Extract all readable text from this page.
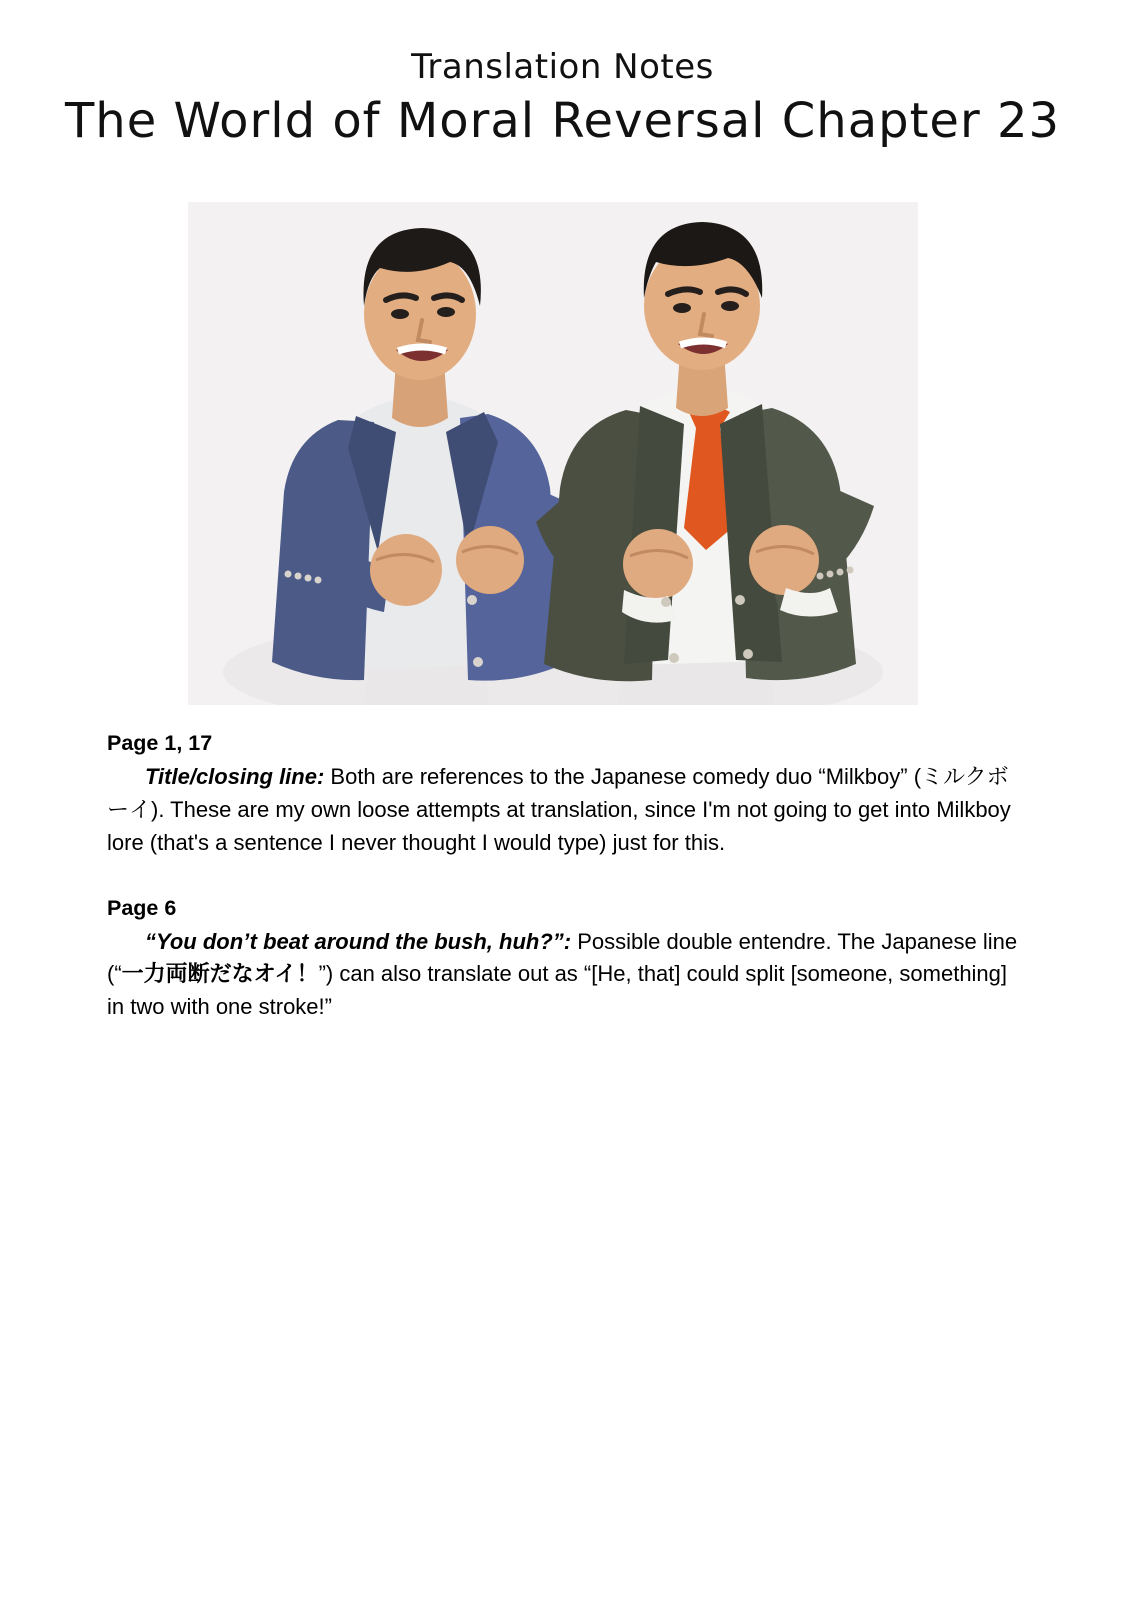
Translation Notes
The World of Moral Reversal Chapter 23
Page 1, 17
Title/closing line: Both are references to the Japanese comedy duo “Milkboy” (ミルクボーイ). These are my own loose attempts at translation, since I'm not going to get into Milkboy lore (that's a sentence I never thought I would type) just for this.
Page 6
“You don’t beat around the bush, huh?”: Possible double entendre. The Japanese line (“一力両断だなオイ！”) can also translate out as “[He, that] could split [someone, something] in two with one stroke!”
